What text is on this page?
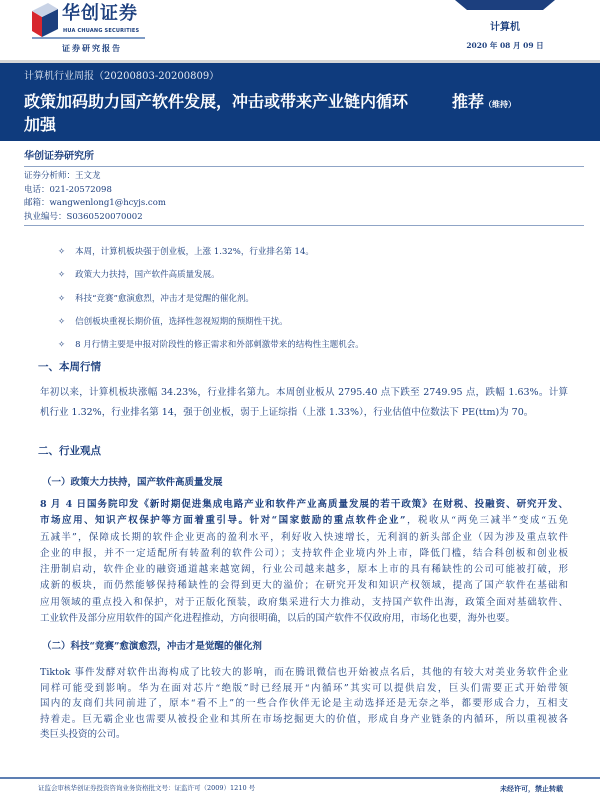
华创证券
HUA CHUANG SECURITIES
证券研究报告
计算机
2020 年 08 月 09 日
计算机行业周报（20200803-20200809）
政策加码助力国产软件发展，冲击或带来产业链内循环加强
推荐（维持）
华创证券研究所
证券分析师：王文龙
电话：021-20572098
邮箱：wangwenlong1@hcyjs.com
执业编号：S0360520070002
✧ 本周，计算机板块强于创业板，上涨 1.32%，行业排名第 14。
✧ 政策大力扶持，国产软件高质量发展。
✧ 科技“竞赛”愈演愈烈，冲击才是觉醒的催化剂。
✧ 信创板块重视长期价值，选择性忽视短期的预期性干扰。
✧ 8 月行情主要是申报对阶段性的修正需求和外部刺激带来的结构性主题机会。
一、本周行情
年初以来，计算机板块涨幅 34.23%，行业排名第九。本周创业板从 2795.40 点下跌至 2749.95 点，跌幅 1.63%。计算
机行业 1.32%，行业排名第 14，强于创业板，弱于上证综指（上涨 1.33%），行业估值中位数法下 PE(ttm)为 70。
二、行业观点
（一）政策大力扶持，国产软件高质量发展
8 月 4 日国务院印发《新时期促进集成电路产业和软件产业高质量发展的若干政策》在财税、投融资、研究开发、
市场应用、知识产权保护等方面着重引导。针对“国家鼓励的重点软件企业”，税收从“两免三减半”变成“五免
五减半”，保障成长期的软件企业更高的盈利水平，利好收入快速增长，无利润的新头部企业（因为涉及重点软件
企业的申报，并不一定适配所有转盈利的软件公司）；支持软件企业境内外上市，降低门槛，结合科创板和创业板
注册制启动，软件企业的融资通道越来越宽阔，行业公司越来越多，原本上市的具有稀缺性的公司可能被打破，形
成新的板块，而仍然能够保持稀缺性的会得到更大的溢价；在研究开发和知识产权领域，提高了国产软件在基础和
应用领域的重点投入和保护，对于正版化预装，政府集采进行大力推动，支持国产软件出海，政策全面对基础软件、
工业软件及部分应用软件的国产化进程推动，方向很明确，以后的国产软件不仅政府用，市场化也要，海外也要。
（二）科技“竞赛”愈演愈烈，冲击才是觉醒的催化剂
Tiktok 事件发酵对软件出海构成了比较大的影响，而在腾讯微信也开始被点名后，其他的有较大对美业务软件企业
同样可能受到影响。华为在面对芯片“绝版”时已经展开“内循环”其实可以提供启发，巨头们需要正式开始带领
国内的友商们共同前进了，原本“看不上”的一些合作伙伴无论是主动选择还是无奈之举，都要形成合力，互相支
持着走。巨无霸企业也需要从被投企业和其所在市场挖掘更大的价值，形成自身产业链条的内循环，所以重视被各
类巨头投资的公司。
证监会审核华创证券投资咨询业务资格批文号：证监许可（2009）1210 号	未经许可，禁止转载
